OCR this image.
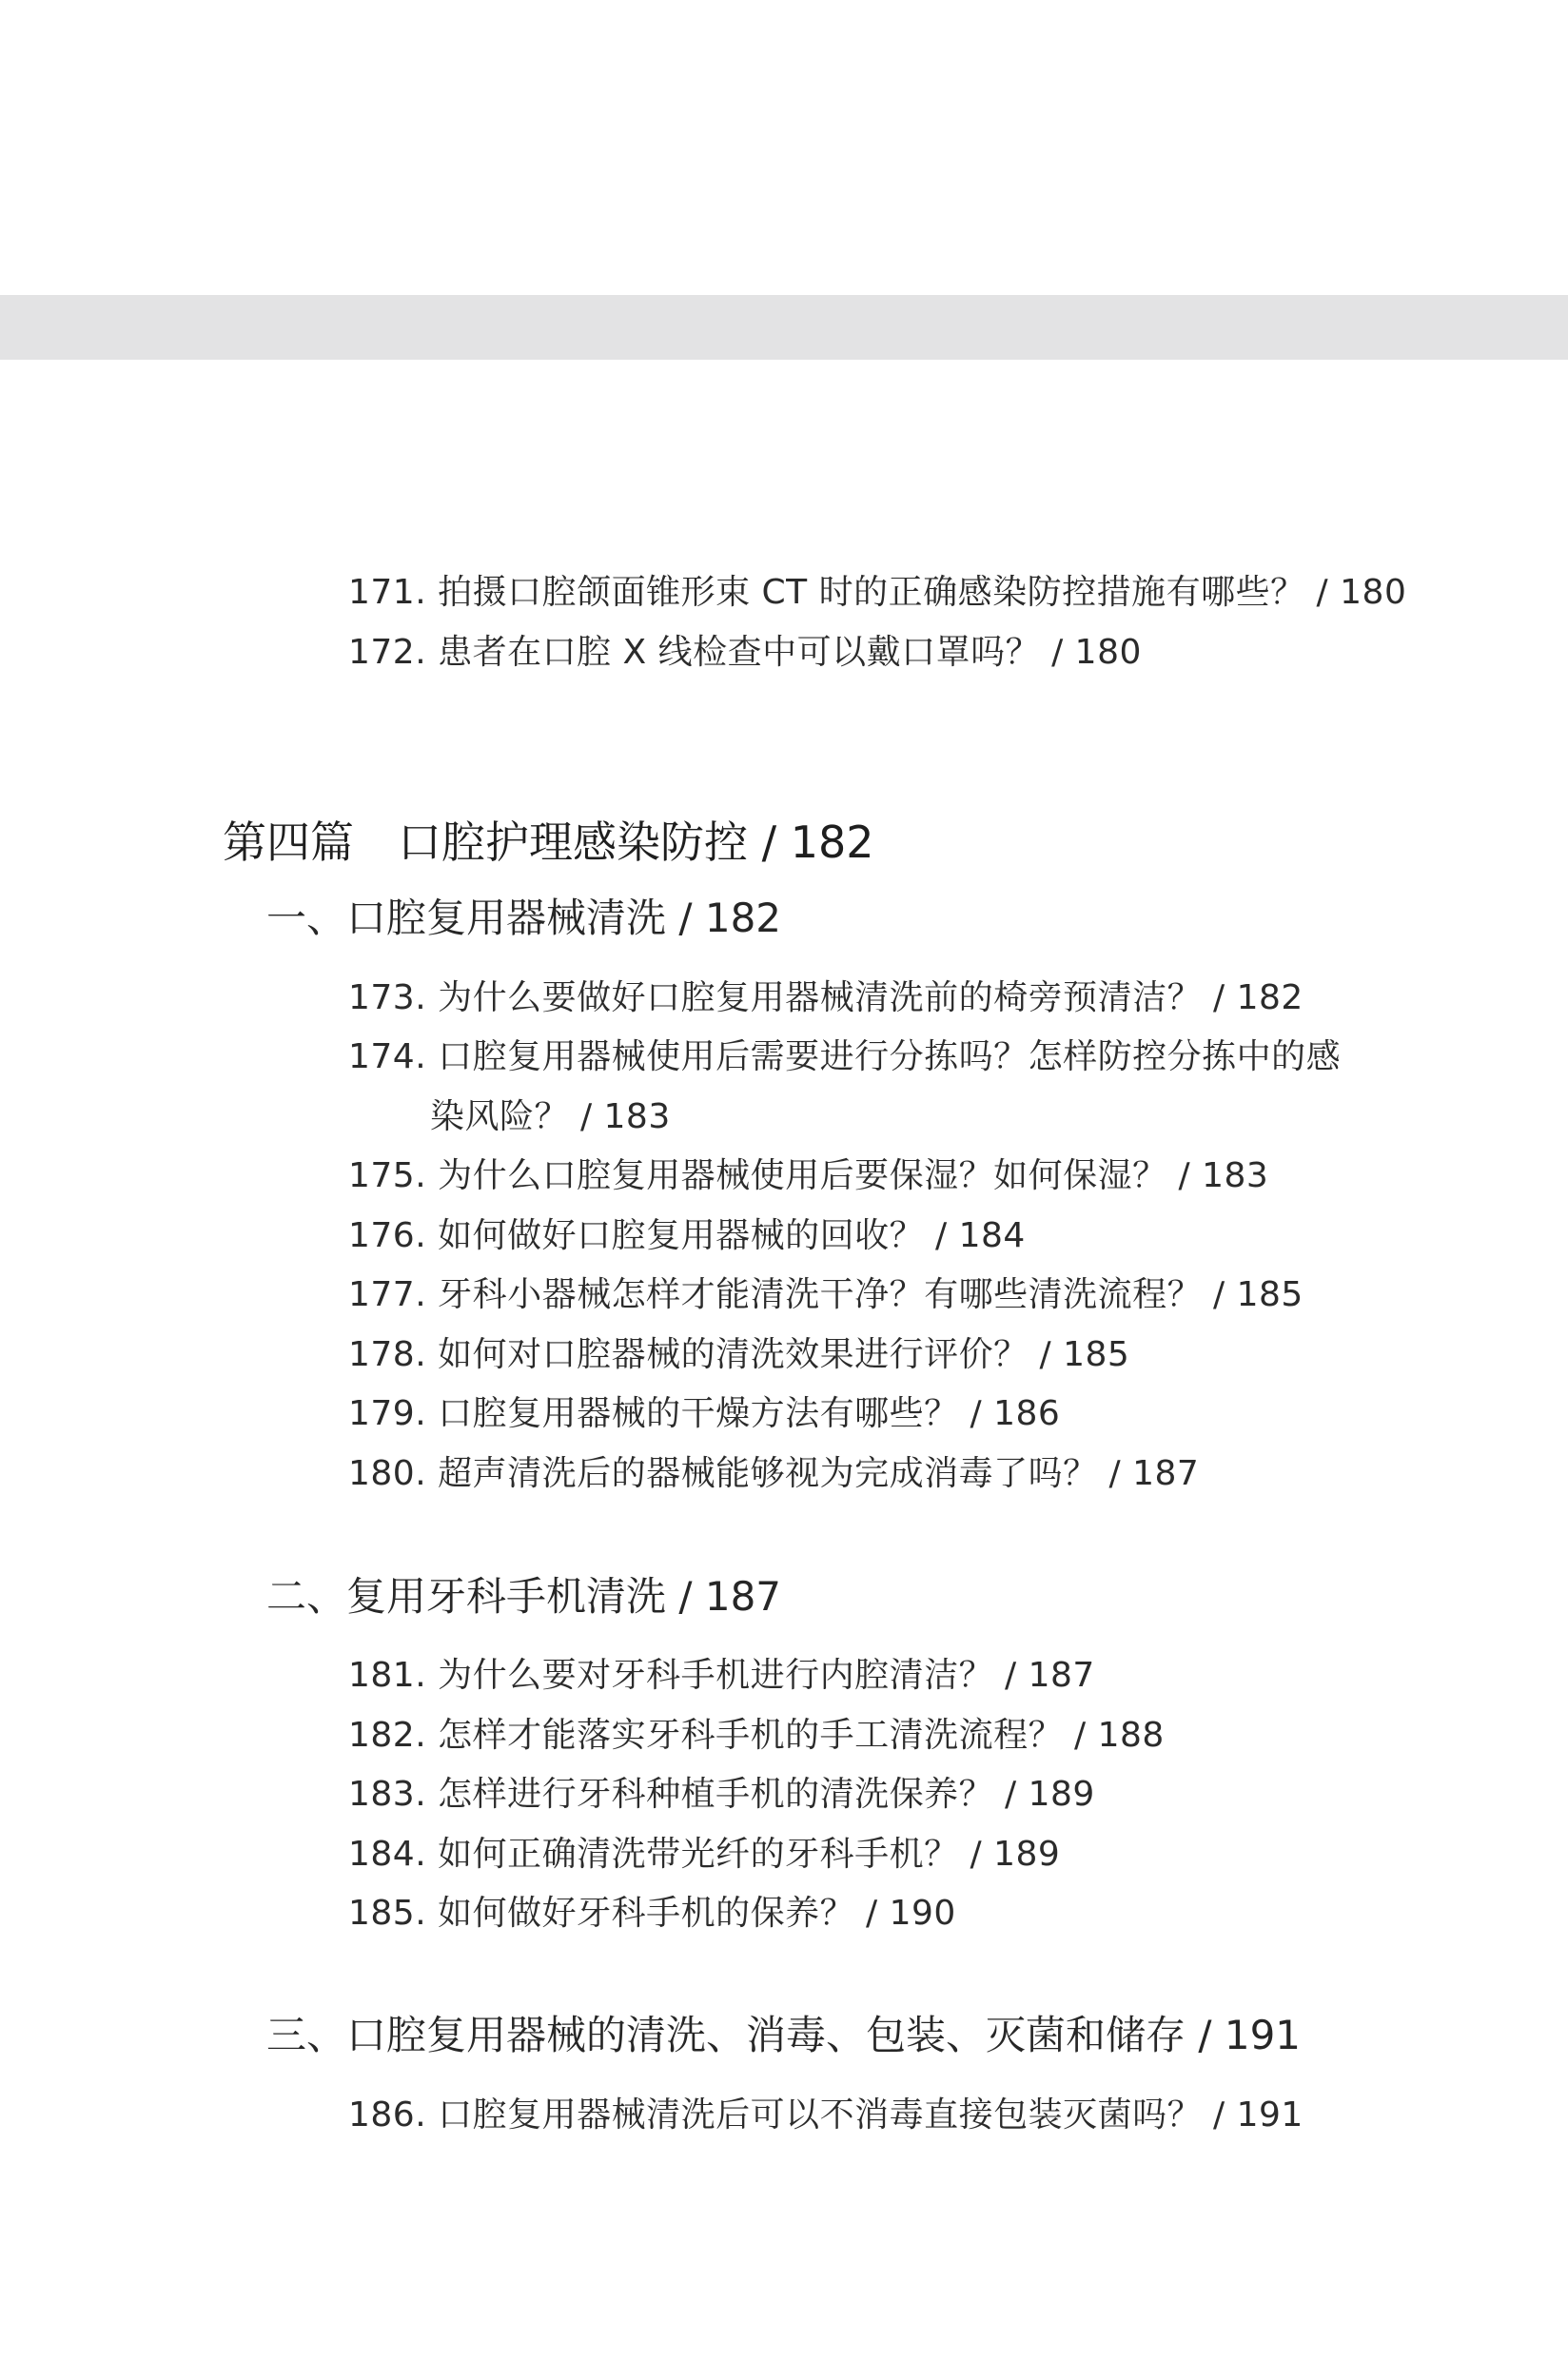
171. 拍摄口腔颌面锥形束 CT 时的正确感染防控措施有哪些？ / 180
172. 患者在口腔 X 线检查中可以戴口罩吗？ / 180
第四篇　口腔护理感染防控 / 182
一、口腔复用器械清洗 / 182
173. 为什么要做好口腔复用器械清洗前的椅旁预清洁？ / 182
174. 口腔复用器械使用后需要进行分拣吗？怎样防控分拣中的感
染风险？ / 183
175. 为什么口腔复用器械使用后要保湿？如何保湿？ / 183
176. 如何做好口腔复用器械的回收？ / 184
177. 牙科小器械怎样才能清洗干净？有哪些清洗流程？ / 185
178. 如何对口腔器械的清洗效果进行评价？ / 185
179. 口腔复用器械的干燥方法有哪些？ / 186
180. 超声清洗后的器械能够视为完成消毒了吗？ / 187
二、复用牙科手机清洗 / 187
181. 为什么要对牙科手机进行内腔清洁？ / 187
182. 怎样才能落实牙科手机的手工清洗流程？ / 188
183. 怎样进行牙科种植手机的清洗保养？ / 189
184. 如何正确清洗带光纤的牙科手机？ / 189
185. 如何做好牙科手机的保养？ / 190
三、口腔复用器械的清洗、消毒、包装、灭菌和储存 / 191
186. 口腔复用器械清洗后可以不消毒直接包装灭菌吗？ / 191
